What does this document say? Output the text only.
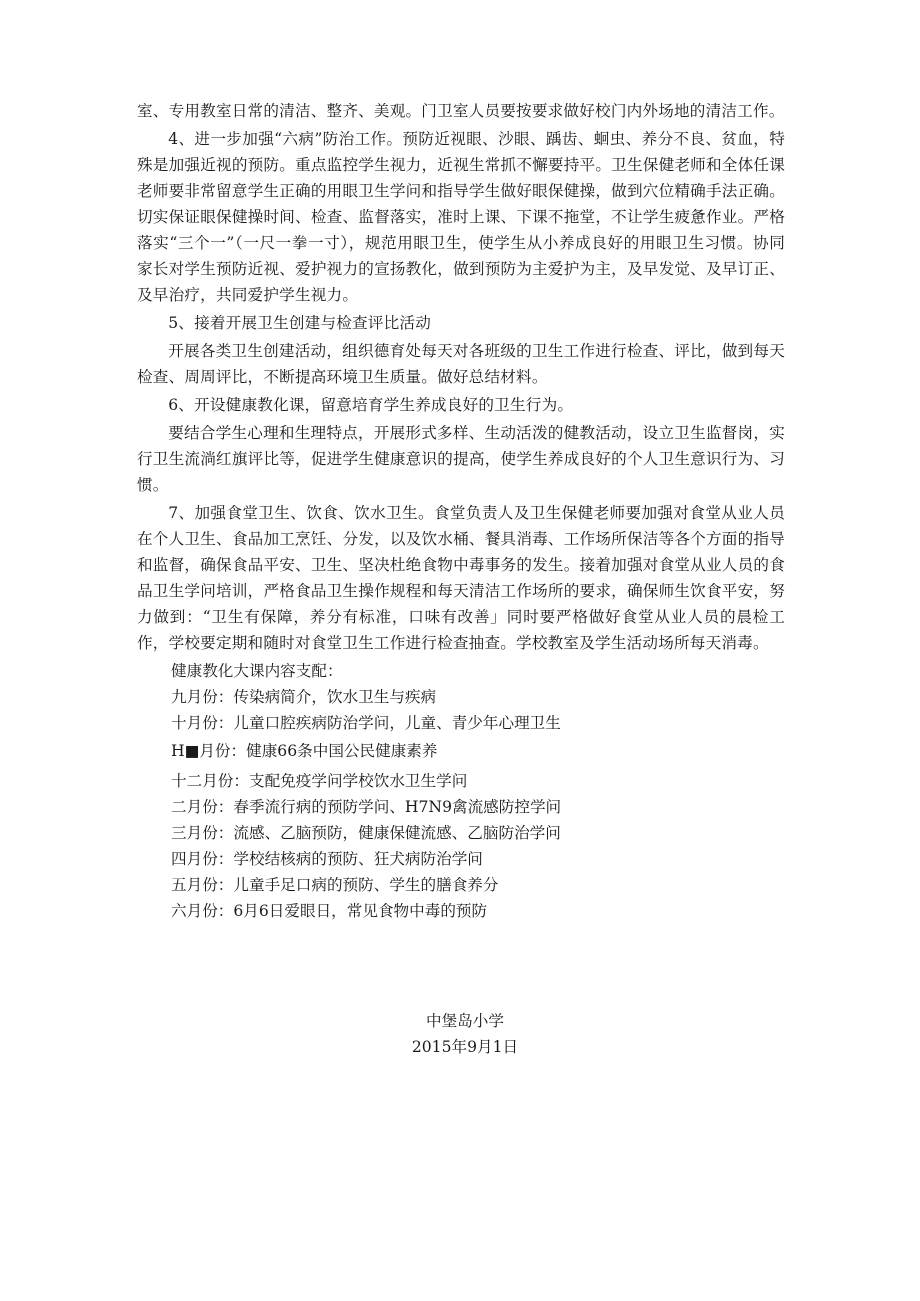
室、专用教室日常的清洁、整齐、美观。门卫室人员要按要求做好校门内外场地的清洁工作。

4、进一步加强“六病”防治工作。预防近视眼、沙眼、踽齿、蛔虫、养分不良、贫血，特殊是加强近视的预防。重点监控学生视力，近视生常抓不懈要持平。卫生保健老师和全体任课老师要非常留意学生正确的用眼卫生学问和指导学生做好眼保健操，做到穴位精确手法正确。切实保证眼保健操时间、检查、监督落实，准时上课、下课不拖堂，不让学生疲惫作业。严格落实“三个一”（一尺一拳一寸），规范用眼卫生，使学生从小养成良好的用眼卫生习惯。协同家长对学生预防近视、爱护视力的宣扬教化，做到预防为主爱护为主，及早发觉、及早订正、及早治疗，共同爱护学生视力。

5、接着开展卫生创建与检查评比活动

开展各类卫生创建活动，组织德育处每天对各班级的卫生工作进行检查、评比，做到每天检查、周周评比，不断提高环境卫生质量。做好总结材料。

6、开设健康教化课，留意培育学生养成良好的卫生行为。

要结合学生心理和生理特点，开展形式多样、生动活泼的健教活动，设立卫生监督岗，实行卫生流淌红旗评比等，促进学生健康意识的提高，使学生养成良好的个人卫生意识行为、习惯。

7、加强食堂卫生、饮食、饮水卫生。食堂负责人及卫生保健老师要加强对食堂从业人员在个人卫生、食品加工烹饪、分发，以及饮水桶、餐具消毒、工作场所保洁等各个方面的指导和监督，确保食品平安、卫生、坚决杜绝食物中毒事务的发生。接着加强对食堂从业人员的食品卫生学问培训，严格食品卫生操作规程和每天清洁工作场所的要求，确保师生饮食平安，努力做到：“卫生有保障，养分有标准，口味有改善」同时要严格做好食堂从业人员的晨检工作，学校要定期和随时对食堂卫生工作进行检查抽查。学校教室及学生活动场所每天消毒。

健康教化大课内容支配：

九月份：传染病简介，饮水卫生与疾病
十月份：儿童口腔疾病防治学问，儿童、青少年心理卫生
H■月份：健康66条中国公民健康素养
十二月份：支配免疫学问学校饮水卫生学问
二月份：春季流行病的预防学问、H7N9禽流感防控学问
三月份：流感、乙脑预防，健康保健流感、乙脑防治学问
四月份：学校结核病的预防、狂犬病防治学问
五月份：儿童手足口病的预防、学生的膳食养分
六月份：6月6日爱眼日，常见食物中毒的预防
中堡岛小学
2015年9月1日
